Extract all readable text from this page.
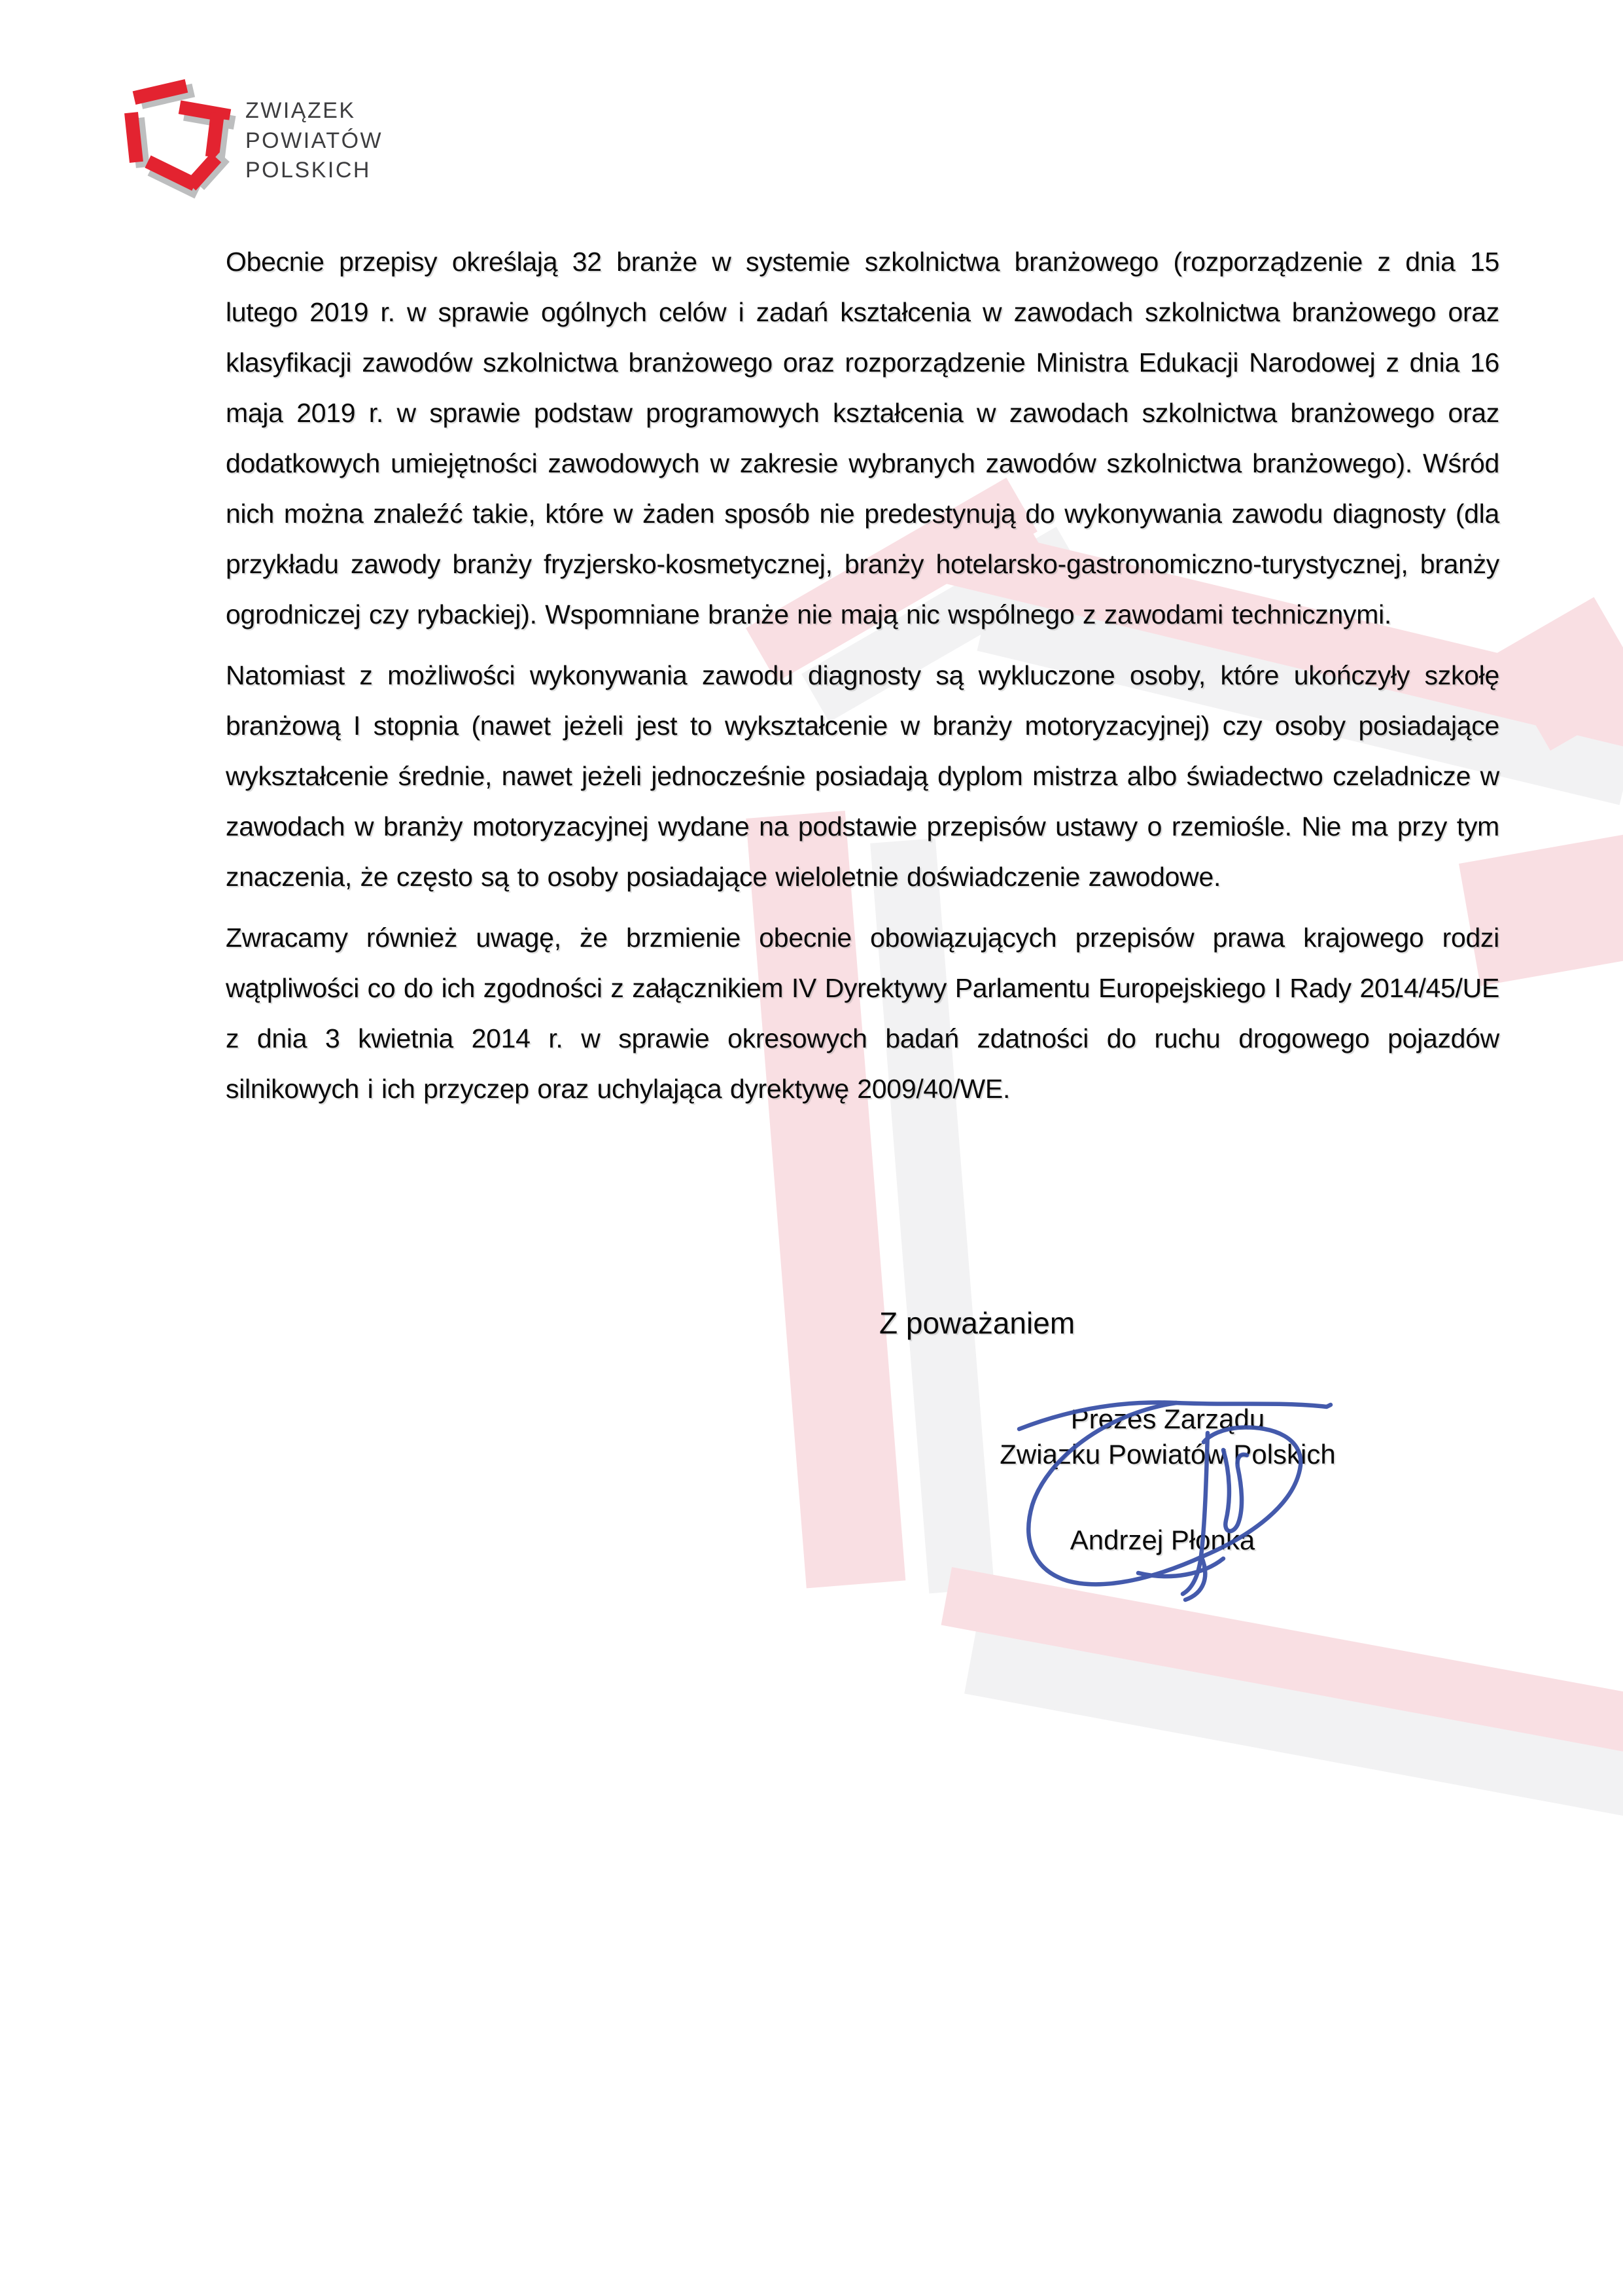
ZWIĄZEK
POWIATÓW
POLSKICH

Obecnie przepisy określają 32 branże w systemie szkolnictwa branżowego (rozporządzenie z dnia 15 lutego 2019 r. w sprawie ogólnych celów i zadań kształcenia w zawodach szkolnictwa branżowego oraz klasyfikacji zawodów szkolnictwa branżowego oraz rozporządzenie Ministra Edukacji Narodowej z dnia 16 maja 2019 r. w sprawie podstaw programowych kształcenia w zawodach szkolnictwa branżowego oraz dodatkowych umiejętności zawodowych w zakresie wybranych zawodów szkolnictwa branżowego). Wśród nich można znaleźć takie, które w żaden sposób nie predestynują do wykonywania zawodu diagnosty (dla przykładu zawody branży fryzjersko-kosmetycznej, branży hotelarsko-gastronomiczno-turystycznej, branży ogrodniczej czy rybackiej). Wspomniane branże nie mają nic wspólnego z zawodami technicznymi.

Natomiast z możliwości wykonywania zawodu diagnosty są wykluczone osoby, które ukończyły szkołę branżową I stopnia (nawet jeżeli jest to wykształcenie w branży motoryzacyjnej) czy osoby posiadające wykształcenie średnie, nawet jeżeli jednocześnie posiadają dyplom mistrza albo świadectwo czeladnicze w zawodach w branży motoryzacyjnej wydane na podstawie przepisów ustawy o rzemiośle. Nie ma przy tym znaczenia, że często są to osoby posiadające wieloletnie doświadczenie zawodowe.

Zwracamy również uwagę, że brzmienie obecnie obowiązujących przepisów prawa krajowego rodzi wątpliwości co do ich zgodności z załącznikiem IV Dyrektywy Parlamentu Europejskiego I Rady 2014/45/UE z dnia 3 kwietnia 2014 r. w sprawie okresowych badań zdatności do ruchu drogowego pojazdów silnikowych i ich przyczep oraz uchylająca dyrektywę 2009/40/WE.

Z poważaniem
Prezes Zarządu
Związku Powiatów Polskich
Andrzej Płonka
